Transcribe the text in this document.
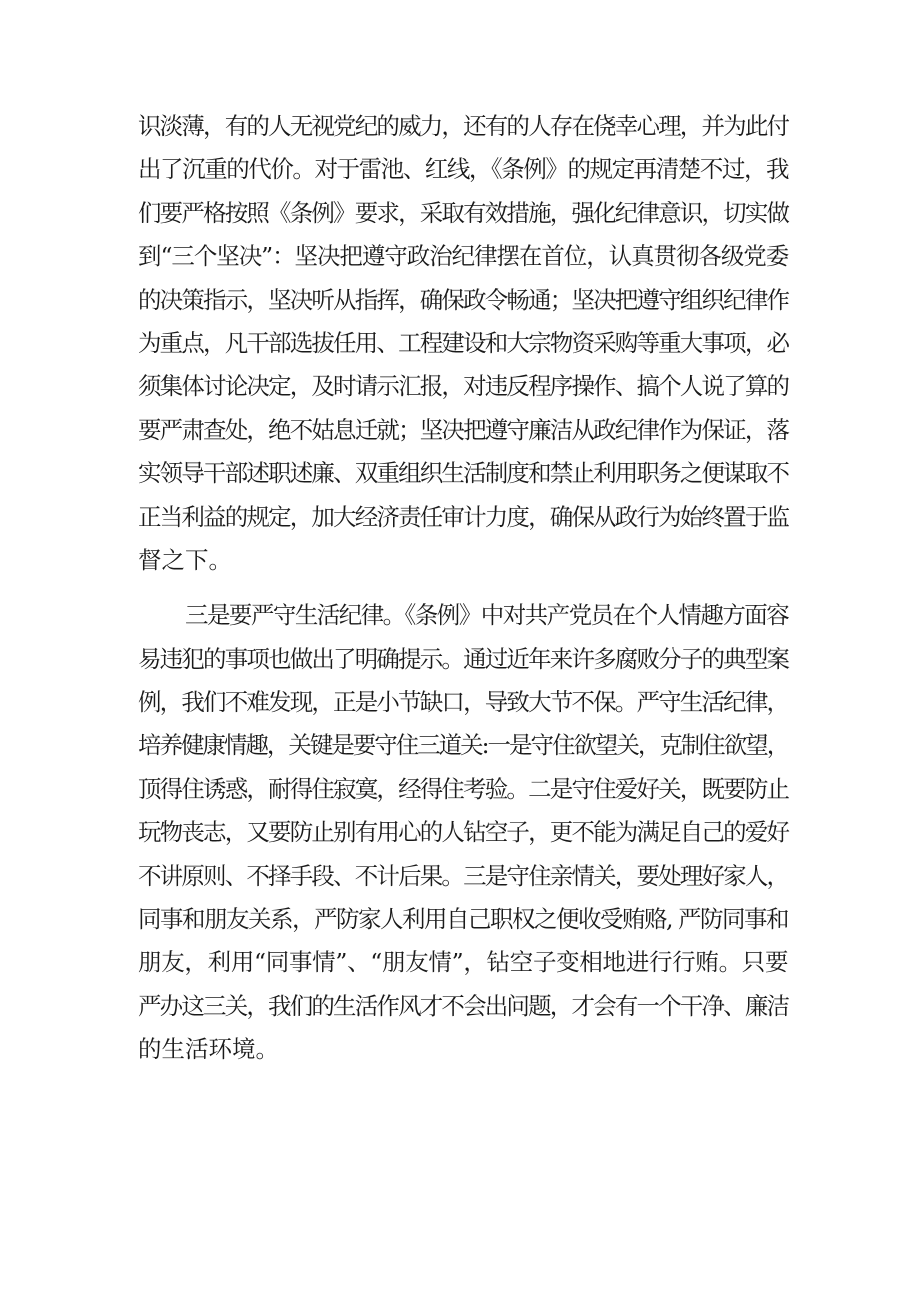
识淡薄，有的人无视党纪的威力，还有的人存在侥幸心理，并为此付
出了沉重的代价。对于雷池、红线，《条例》的规定再清楚不过，我
们要严格按照《条例》要求，采取有效措施，强化纪律意识，切实做
到“三个坚决”：坚决把遵守政治纪律摆在首位，认真贯彻各级党委
的决策指示，坚决听从指挥，确保政令畅通；坚决把遵守组织纪律作
为重点，凡干部选拔任用、工程建设和大宗物资采购等重大事项，必
须集体讨论决定，及时请示汇报，对违反程序操作、搞个人说了算的
要严肃查处，绝不姑息迁就；坚决把遵守廉洁从政纪律作为保证，落
实领导干部述职述廉、双重组织生活制度和禁止利用职务之便谋取不
正当利益的规定，加大经济责任审计力度，确保从政行为始终置于监
督之下。
三是要严守生活纪律。《条例》中对共产党员在个人情趣方面容
易违犯的事项也做出了明确提示。通过近年来许多腐败分子的典型案
例，我们不难发现，正是小节缺口，导致大节不保。严守生活纪律，
培养健康情趣，关键是要守住三道关:一是守住欲望关，克制住欲望，
顶得住诱惑，耐得住寂寞，经得住考验。二是守住爱好关，既要防止
玩物丧志，又要防止别有用心的人钻空子，更不能为满足自己的爱好
不讲原则、不择手段、不计后果。三是守住亲情关，要处理好家人，
同事和朋友关系，严防家人利用自己职权之便收受贿赂, 严防同事和
朋友，利用“同事情”、“朋友情”，钻空子变相地进行行贿。只要
严办这三关，我们的生活作风才不会出问题，才会有一个干净、廉洁
的生活环境。
